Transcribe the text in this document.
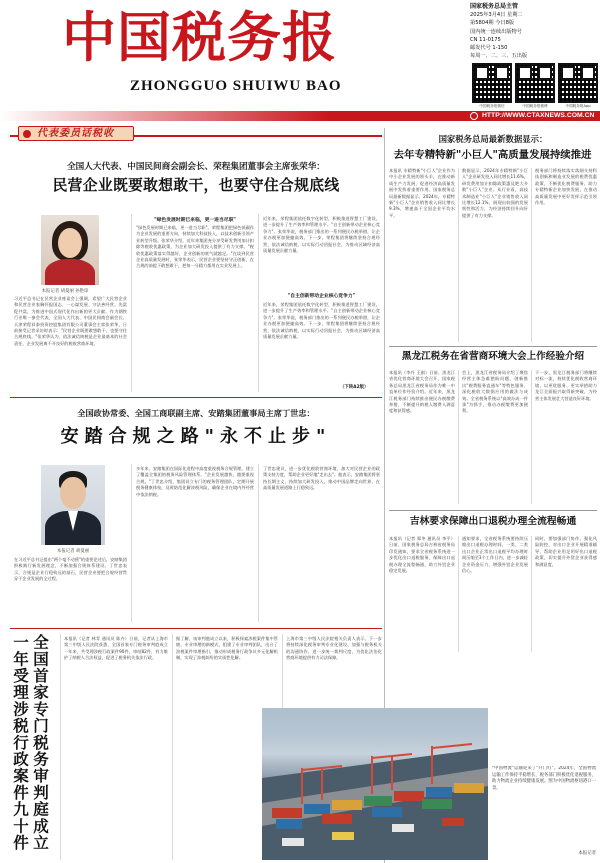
中国税务报
ZHONGGUO SHUIWU BAO
国家税务总局主管
2025年3月4日 星期二
第5804期 今日8版
国内统一连续出版物号
CN 11-0175
邮发代号 1-150
每周一、二、三、五出版
中国税务报微信	中国税务报微博	中国税务报App
HTTP://WWW.CTAXNEWS.COM.CN
代表委员话税收
全国人大代表、中国民间商会副会长、荣程集团董事会主席张荣华：
民营企业既要敢想敢干，也要守住合规底线
本报记者 胡曼丽 孙艳琼
习近平总书记在民营企业座谈会上强调，希望广大民营企业和民营企业家胸怀报国志、一心谋发展、守法善经营。先富促共富，为推进中国式现代化作出新的更大贡献。作为钢铁行业唯一参会代表，全国人大代表、中国民间商会副会长、天津荣程祥泰投资控股集团有限公司董事会主席张荣华，日前接受记者采访时表示："民营企业既要敢想敢干，也要守住合规底线。"张荣华认为，依法诚信纳税是企业最基本的社会责任，企业发展离不开良好的税收营商环境。
"绿色发展时期已来临，更一进当尽职"
"绿色发展时期已来临，更一进当尽职"。荣程集团把绿色低碳作为企业发展的重要方向，持续加大科技投入，以技术创新引领产业转型升级。张荣华介绍，近年来集团充分享受研发费用加计扣除等税收优惠政策，为企业加大研发投入提供了有力支撑。"税收优惠政策落实得越好，企业创新的底气就越足。"在谈到民营企业高质量发展时，张荣华表示，民营企业要坚持守正创新，在合规的前提下敢想敢干，把每一分精力都用在实业发展上。
近年来，荣程集团依托数字化转型，积极推进智慧工厂建设，进一步提升了生产效率和管理水平。"自主创新带动企业核心竞争力"。张荣华说，税务部门推出的一系列便民办税举措，让企业办税更加便捷高效。下一步，荣程集团将继续坚持合规经营，依法诚信纳税，以实际行动回报社会，为推动区域经济高质量发展贡献力量。
"自主创新带动企业核心竞争力"
近年来，荣程集团依托数字化转型，积极推进智慧工厂建设，进一步提升了生产效率和管理水平。"自主创新带动企业核心竞争力"。张荣华说，税务部门推出的一系列便民办税举措，让企业办税更加便捷高效。下一步，荣程集团将继续坚持合规经营，依法诚信纳税，以实际行动回报社会，为推动区域经济高质量发展贡献力量。
（下转A2版）
全国政协常委、全国工商联副主席、安踏集团董事局主席丁世忠：
安踏合规之路"永不止步"
本报记者 胡曼丽
在习近平总书记提出"两个毫不动摇"的重要论述后，安踏集团积极践行新发展理念，不断加强合规体系建设。丁世忠表示，合规是企业行稳致远的基石，民营企业要把合规经营贯穿于企业发展的全过程。
多年来，安踏集团在国际化进程中高度重视税务合规管理，建立了覆盖全集团的税务风险管理体系。"企业发展越快，越要重视合规。"丁世忠介绍，集团设立专门的税务管理团队，定期开展税务健康体检，及时防范化解涉税风险，确保企业在境内外经营中依法纳税。
丁世忠建议，进一步优化税收营商环境，加大对民营企业的政策支持力度，帮助企业更好地"走出去"。他表示，安踏集团将坚持长期主义，持续加大研发投入，推动中国品牌走向世界，在高质量发展道路上行稳致远。
全国首家专门税务审判庭成立一年受理涉税行政案件九十件	本报讯（记者 林青 通讯员 陈卉）日前，记者从上海市第三中级人民法院获悉，全国首家专门税务审判庭成立一年来，共受理涉税行政案件90件，审结82件，有力维护了纳税人合法权益，促进了税务机关依法行政。
据了解，该审判庭成立以来，积极探索涉税案件集中管辖、专业审理的新模式，组建了专业审判团队，出台了涉税案件审理指引，推动形成税务行政争议多元化解机制，实现了涉税纠纷的实质性化解。
上海市第三中级人民法院相关负责人表示，下一步将持续深化税务审判专业化建设，加强与税务机关的沟通协作，进一步统一裁判尺度，为优化法治化营商环境提供有力司法保障。
国家税务总局最新数据显示：
去年专精特新"小巨人"高质量发展持续推进
本报讯 专精特新"小巨人"企业作为中小企业发展的领头羊，在推动新质生产力发展、促进经济高质量发展中发挥着重要作用。国家税务总局最新数据显示，2024年，专精特新"小巨人"企业销售收入同比增长9.3%，增速高于全国企业平均水平。
数据显示，2024年专精特新"小巨人"企业研发投入同比增长11.6%，研发费用加计扣除政策惠及绝大多数"小巨人"企业。从行业看，高技术制造业"小巨人"企业销售收入同比增长12.1%，展现出较强的发展韧性和活力，为经济持续回升向好提供了有力支撑。
税务部门将持续落实落细支持科技创新和制造业发展的税费优惠政策，不断优化税费服务，助力专精特新企业加快发展，在推动高质量发展中更好发挥示范引领作用。
黑龙江税务在省营商环境大会上作经验介绍
本报讯（李丹 王刚）日前，黑龙江省优化营商环境大会召开，国家税务总局黑龙江省税务局作为唯一中直单位作经验介绍。近年来，黑龙江税务部门持续推出便民办税缴费举措，不断提升纳税人缴费人满意度和获得感。
会上，黑龙江省税务局介绍了聚焦经营主体急难愁盼问题、创新推出"税费服务直通车"等特色服务、深化税收大数据应用的做法与成效。全省税务系统以"高效办成一件事"为抓手，推动办税缴费更加便利。
下一步，黑龙江税务部门将继续对标一流，持续优化税收营商环境，以更优服务、更实举措助力龙江全面振兴取得新突破，为经营主体发展壮大营造良好环境。
吉林要求保障出口退税办理全流程畅通
本报讯（记者 郑冬 通讯员 李平）日前，国家税务总局吉林省税务局印发通知，要求全省税务系统进一步优化出口退税服务，保障出口退税办理全流程畅通，助力外贸企业稳定发展。
通知要求，全省税务系统要持续压缩出口退税办理时间，一类、二类出口企业正常出口退税平均办理时间压缩至3个工作日内，进一步减轻企业资金压力，增强外贸企业发展信心。
同时，要加强部门协作，强化风险防控，对出口企业开展精准辅导，帮助企业用足用好出口退税政策，切实提升外贸企业获得感和满意度。
"中国物流"运输迎来了"开门红"。2024年，全国物流运输工作保持平稳增长，税务部门积极优化退税服务，助力物流企业持续健康发展。图为中国物流枢纽港口一景。
本报记者
